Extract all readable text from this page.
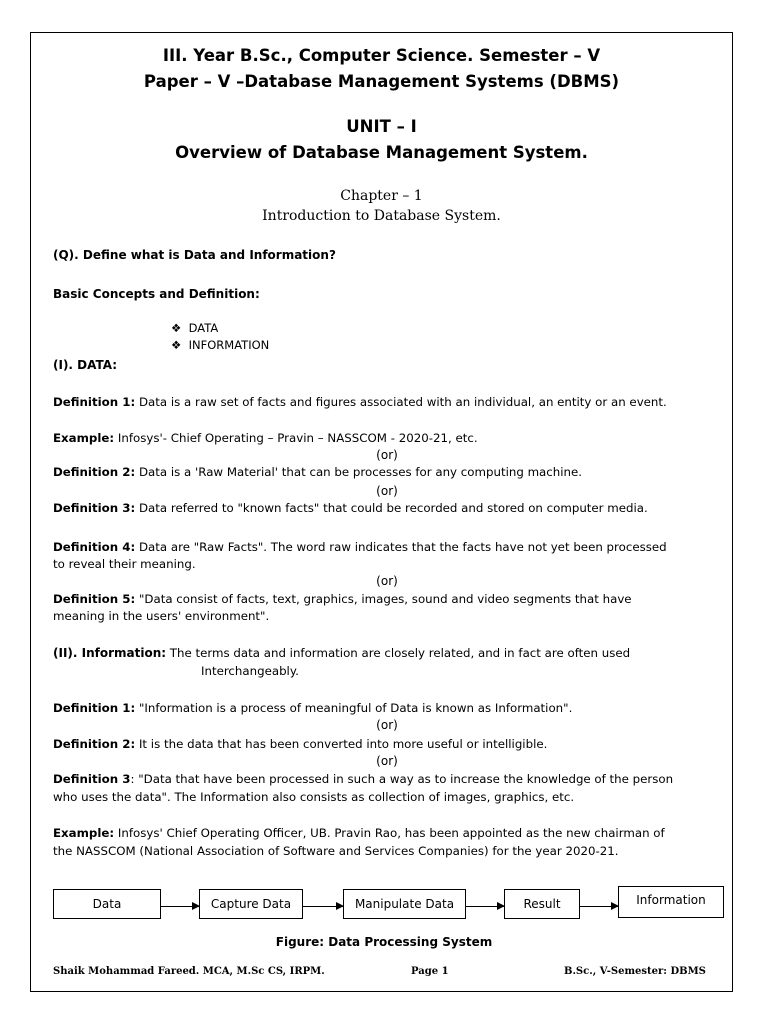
III. Year B.Sc., Computer Science. Semester – V
Paper – V –Database Management Systems (DBMS)
UNIT – I
Overview of Database Management System.
Chapter – 1
Introduction to Database System.
(Q). Define what is Data and Information?
Basic Concepts and Definition:
❖ DATA
❖ INFORMATION
(I). DATA:
Definition 1: Data is a raw set of facts and figures associated with an individual, an entity or an event.
Example: Infosys'- Chief Operating – Pravin – NASSCOM - 2020-21, etc.
(or)
Definition 2: Data is a 'Raw Material' that can be processes for any computing machine.
(or)
Definition 3: Data referred to "known facts" that could be recorded and stored on computer media.
Definition 4: Data are "Raw Facts". The word raw indicates that the facts have not yet been processed
to reveal their meaning.
(or)
Definition 5: "Data consist of facts, text, graphics, images, sound and video segments that have
meaning in the users' environment".
(II). Information: The terms data and information are closely related, and in fact are often used
Interchangeably.
Definition 1: "Information is a process of meaningful of Data is known as Information".
(or)
Definition 2: It is the data that has been converted into more useful or intelligible.
(or)
Definition 3: "Data that have been processed in such a way as to increase the knowledge of the person
who uses the data". The Information also consists as collection of images, graphics, etc.
Example: Infosys' Chief Operating Officer, UB. Pravin Rao, has been appointed as the new chairman of
the NASSCOM (National Association of Software and Services Companies) for the year 2020-21.
Data	Capture Data	Manipulate Data	Result	Information
Figure: Data Processing System
Shaik Mohammad Fareed. MCA, M.Sc CS, IRPM.	Page 1	B.Sc., V-Semester: DBMS
